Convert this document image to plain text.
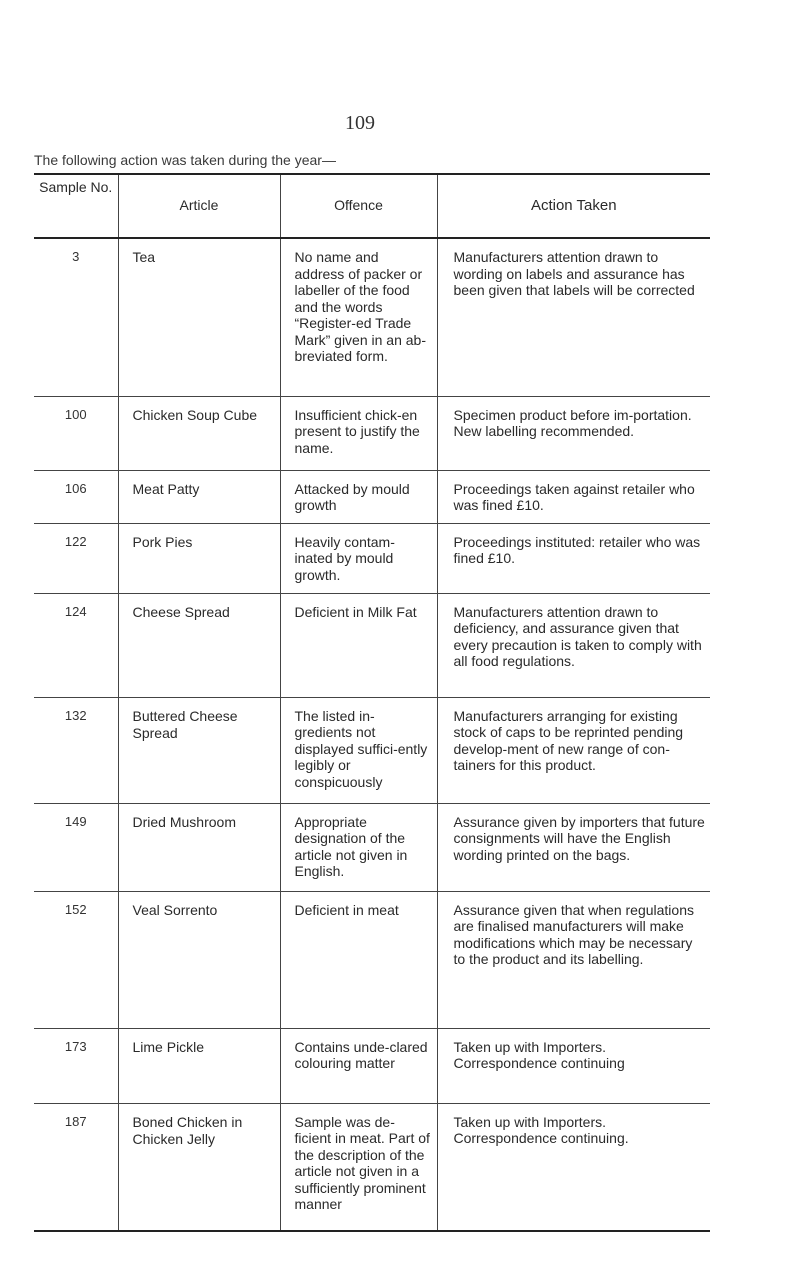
109
The following action was taken during the year—
Sample No.	Article	Offence	Action Taken
3	Tea	No name and address of packer or labeller of the food and the words “Register-ed Trade Mark” given in an ab-breviated form.	Manufacturers attention drawn to wording on labels and assurance has been given that labels will be corrected
100	Chicken Soup Cube	Insufficient chick-en present to justify the name.	Specimen product before im-portation. New labelling recommended.
106	Meat Patty	Attacked by mould growth	Proceedings taken against retailer who was fined £10.
122	Pork Pies	Heavily contam-inated by mould growth.	Proceedings instituted: retailer who was fined £10.
124	Cheese Spread	Deficient in Milk Fat	Manufacturers attention drawn to deficiency, and assurance given that every precaution is taken to comply with all food regulations.
132	Buttered Cheese Spread	The listed in-gredients not displayed suffici-ently legibly or conspicuously	Manufacturers arranging for existing stock of caps to be reprinted pending develop-ment of new range of con-tainers for this product.
149	Dried Mushroom	Appropriate designation of the article not given in English.	Assurance given by importers that future consignments will have the English wording printed on the bags.
152	Veal Sorrento	Deficient in meat	Assurance given that when regulations are finalised manufacturers will make modifications which may be necessary to the product and its labelling.
173	Lime Pickle	Contains unde-clared colouring matter	Taken up with Importers. Correspondence continuing
187	Boned Chicken in Chicken Jelly	Sample was de-ficient in meat. Part of the description of the article not given in a sufficiently prominent manner	Taken up with Importers. Correspondence continuing.
